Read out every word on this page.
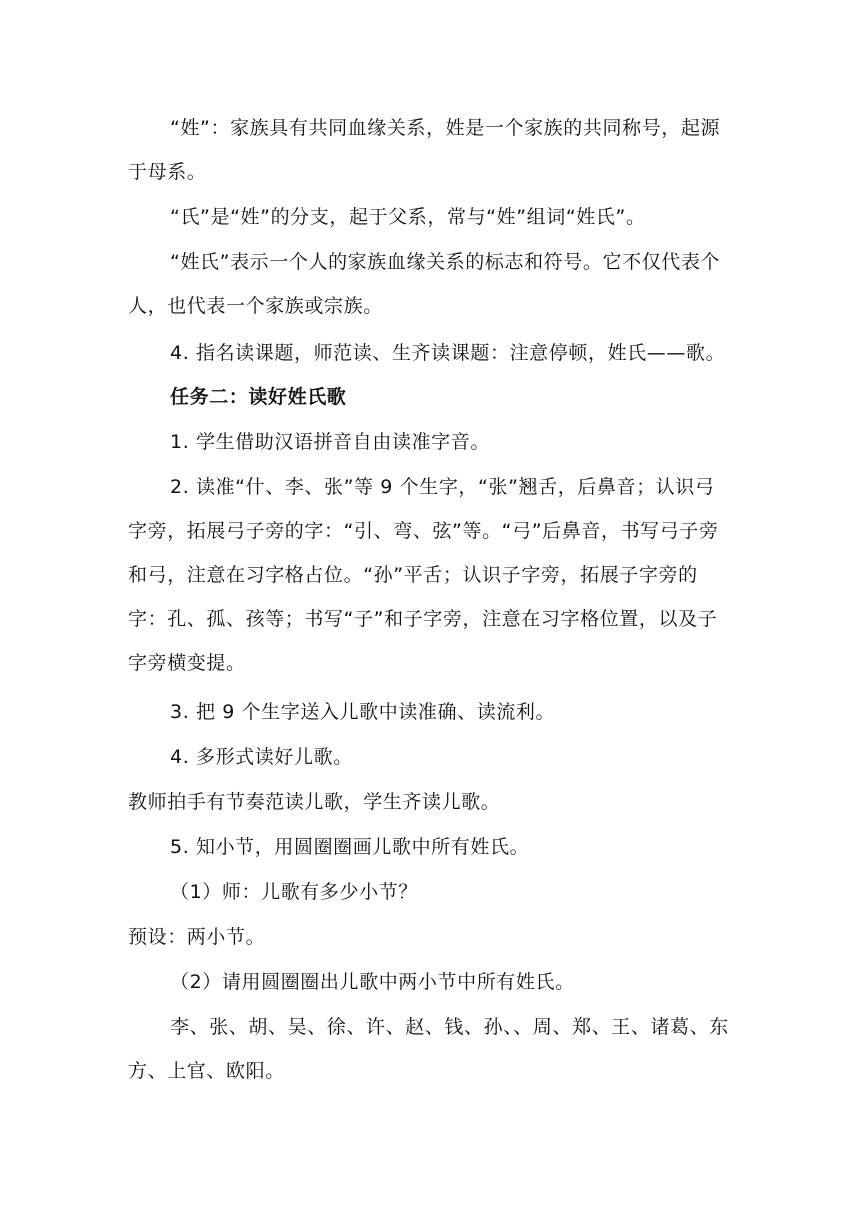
“姓”：家族具有共同血缘关系，姓是一个家族的共同称号，起源于母系。

“氏”是“姓”的分支，起于父系，常与“姓”组词“姓氏”。

“姓氏”表示一个人的家族血缘关系的标志和符号。它不仅代表个人，也代表一个家族或宗族。

4. 指名读课题，师范读、生齐读课题：注意停顿，姓氏——歌。

任务二：读好姓氏歌

1. 学生借助汉语拼音自由读准字音。

2. 读准“什、李、张”等 9 个生字，“张”翘舌，后鼻音；认识弓字旁，拓展弓子旁的字：“引、弯、弦”等。“弓”后鼻音，书写弓子旁和弓，注意在习字格占位。“孙”平舌；认识子字旁，拓展子字旁的字：孔、孤、孩等；书写“子”和子字旁，注意在习字格位置，以及子字旁横变提。

3. 把 9 个生字送入儿歌中读准确、读流利。

4. 多形式读好儿歌。

教师拍手有节奏范读儿歌，学生齐读儿歌。

5. 知小节，用圆圈圈画儿歌中所有姓氏。

（1）师：儿歌有多少小节？

预设：两小节。

（2）请用圆圈圈出儿歌中两小节中所有姓氏。

李、张、胡、吴、徐、许、赵、钱、孙、、周、郑、王、诸葛、东方、上官、欧阳。
